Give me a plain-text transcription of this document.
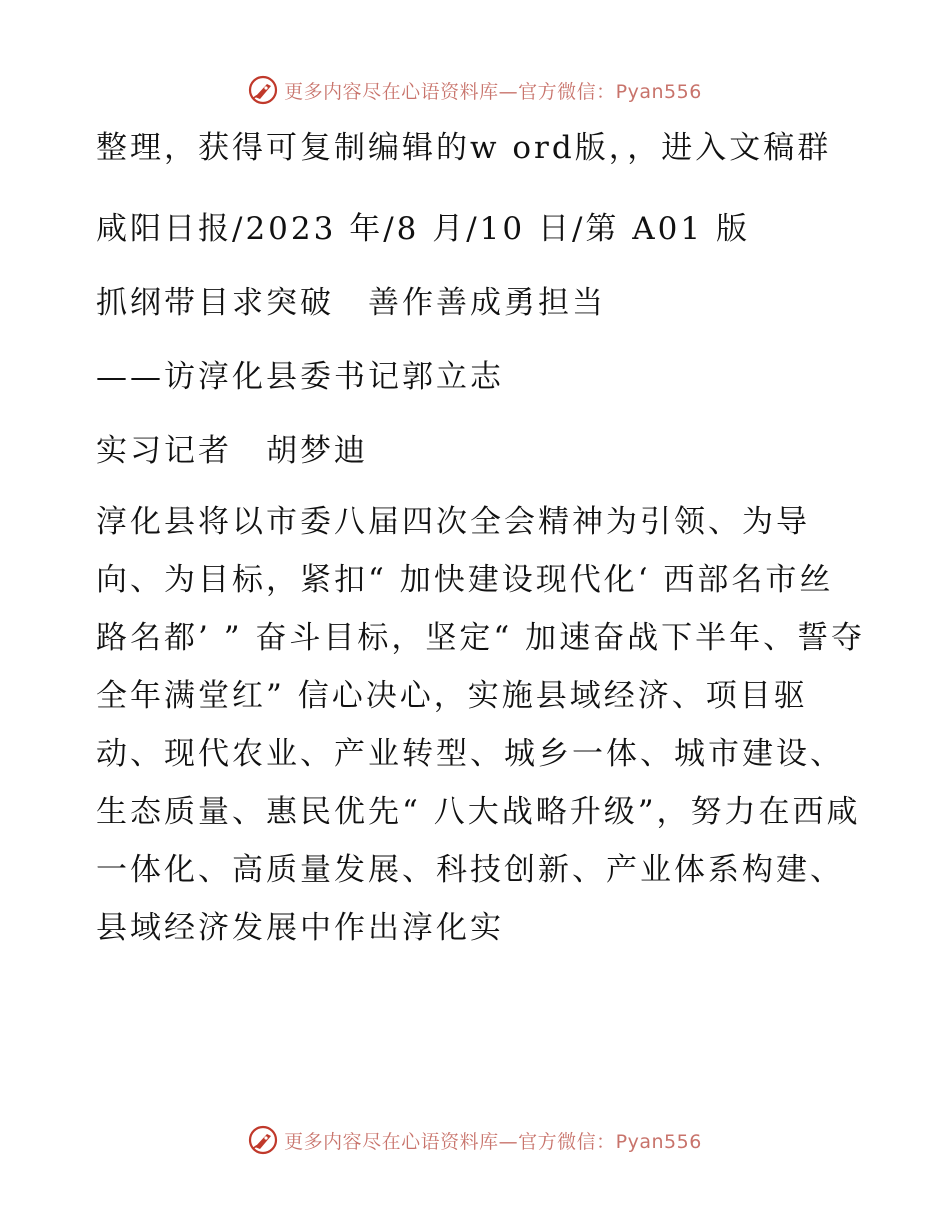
更多内容尽在心语资料库—官方微信：Pyan556

整理，获得可复制编辑的w ord版，，进入文稿群

咸阳日报/2023 年/8 月/10 日/第 A01 版

抓纲带目求突破　善作善成勇担当

——访淳化县委书记郭立志

实习记者　胡梦迪

淳化县将以市委八届四次全会精神为引领、为导向、为目标，紧扣“ 加快建设现代化‘ 西部名市丝路名都’ ” 奋斗目标，坚定“ 加速奋战下半年、誓夺全年满堂红” 信心决心，实施县域经济、项目驱动、现代农业、产业转型、城乡一体、城市建设、生态质量、惠民优先“ 八大战略升级”，努力在西咸一体化、高质量发展、科技创新、产业体系构建、县域经济发展中作出淳化实

更多内容尽在心语资料库—官方微信：Pyan556
